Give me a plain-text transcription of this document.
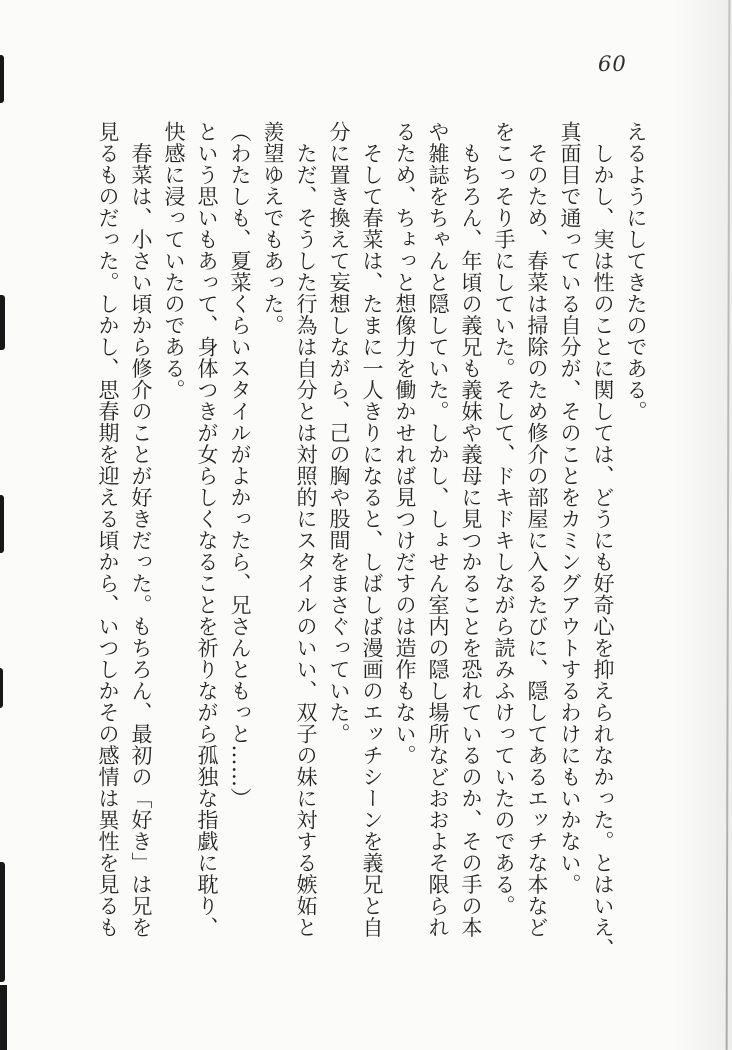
60

えるようにしてきたのである。

　しかし、実は性のことに関しては、どうにも好奇心を抑えられなかった。とはいえ、

真面目で通っている自分が、そのことをカミングアウトするわけにもいかない。

　そのため、春菜は掃除のため修介の部屋に入るたびに、隠してあるエッチな本など

をこっそり手にしていた。そして、ドキドキしながら読みふけっていたのである。

　もちろん、年頃の義兄も義妹や義母に見つかることを恐れているのか、その手の本

や雑誌をちゃんと隠していた。しかし、しょせん室内の隠し場所などおおよそ限られ

るため、ちょっと想像力を働かせれば見つけだすのは造作もない。

　そして春菜は、たまに一人きりになると、しばしば漫画のエッチシーンを義兄と自

分に置き換えて妄想しながら、己の胸や股間をまさぐっていた。

　ただ、そうした行為は自分とは対照的にスタイルのいい、双子の妹に対する嫉妬と

羨望ゆえでもあった。

（わたしも、夏菜くらいスタイルがよかったら、兄さんともっと……）

という思いもあって、身体つきが女らしくなることを祈りながら孤独な指戯に耽り、

快感に浸っていたのである。

　春菜は、小さい頃から修介のことが好きだった。もちろん、最初の「好き」は兄を

見るものだった。しかし、思春期を迎える頃から、いつしかその感情は異性を見るも
